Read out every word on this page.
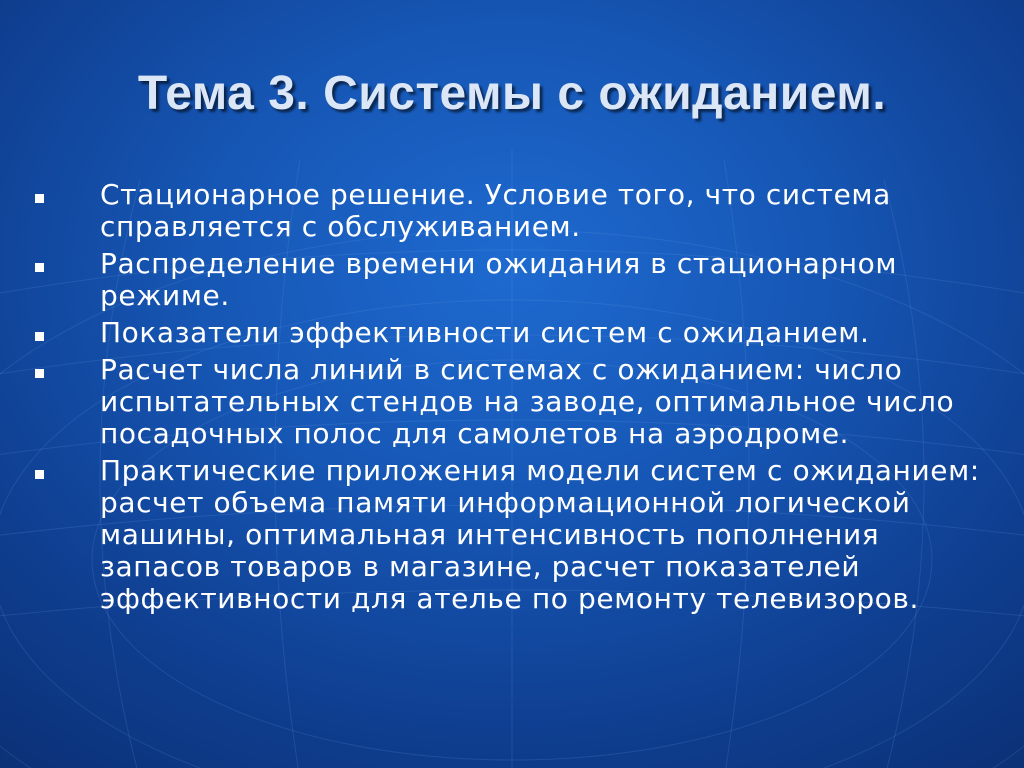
Тема 3. Системы с ожиданием.
Стационарное решение. Условие того, что система справляется с обслуживанием.
Распределение времени ожидания в стационарном режиме.
Показатели эффективности систем с ожиданием.
Расчет числа линий в системах с ожиданием: число испытательных стендов на заводе, оптимальное число посадочных полос для самолетов на аэродроме.
Практические приложения модели систем с ожиданием: расчет объема памяти информационной логической машины, оптимальная интенсивность пополнения запасов товаров в магазине, расчет показателей эффективности для ателье по ремонту телевизоров.
